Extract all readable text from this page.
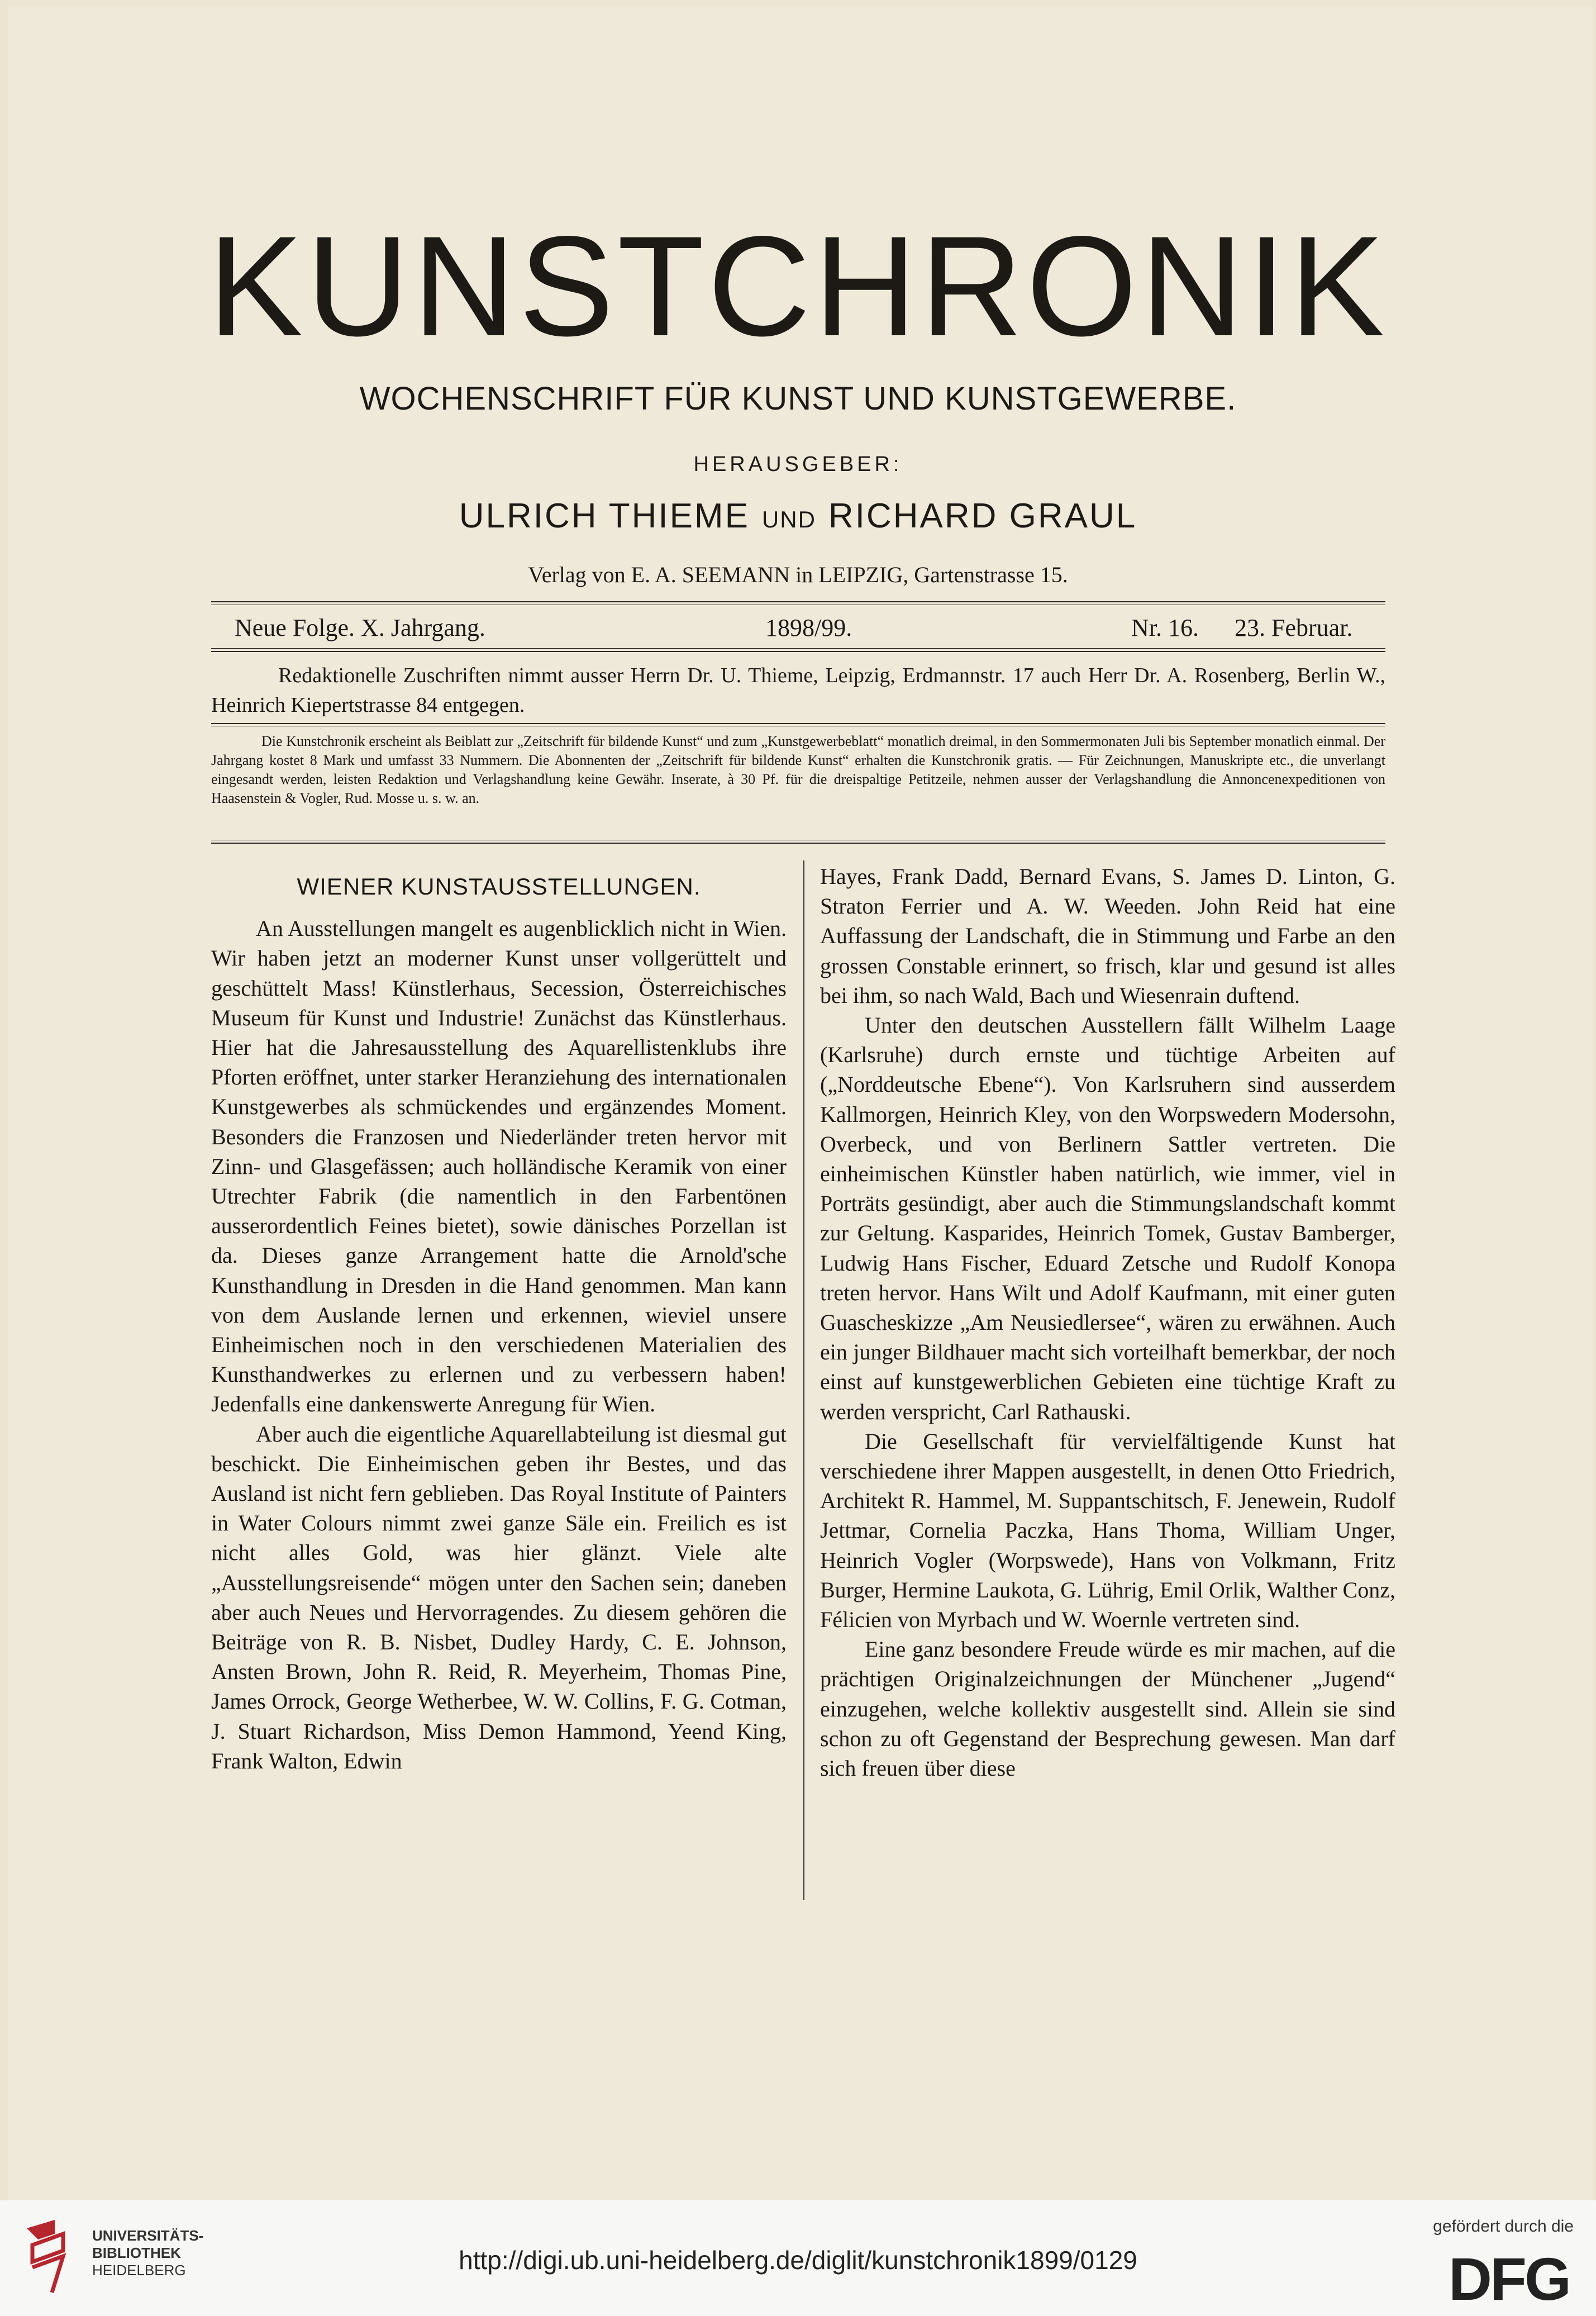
KUNSTCHRONIK
WOCHENSCHRIFT FÜR KUNST UND KUNSTGEWERBE.
HERAUSGEBER:
ULRICH THIEME UND RICHARD GRAUL
Verlag von E. A. SEEMANN in LEIPZIG, Gartenstrasse 15.
Neue Folge. X. Jahrgang.	1898/99.	Nr. 16. 23. Februar.

Redaktionelle Zuschriften nimmt ausser Herrn Dr. U. Thieme, Leipzig, Erdmannstr. 17 auch Herr Dr. A. Rosenberg, Berlin W., Heinrich Kiepertstrasse 84 entgegen.

Die Kunstchronik erscheint als Beiblatt zur „Zeitschrift für bildende Kunst“ und zum „Kunstgewerbeblatt“ monatlich dreimal, in den Sommermonaten Juli bis September monatlich einmal. Der Jahrgang kostet 8 Mark und umfasst 33 Nummern. Die Abonnenten der „Zeitschrift für bildende Kunst“ erhalten die Kunstchronik gratis. — Für Zeichnungen, Manuskripte etc., die unverlangt eingesandt werden, leisten Redaktion und Verlagshandlung keine Gewähr. Inserate, à 30 Pf. für die dreispaltige Petitzeile, nehmen ausser der Verlagshandlung die Annoncenexpeditionen von Haasenstein & Vogler, Rud. Mosse u. s. w. an.

WIENER KUNSTAUSSTELLUNGEN.

An Ausstellungen mangelt es augenblicklich nicht in Wien. Wir haben jetzt an moderner Kunst unser vollgerüttelt und geschüttelt Mass! Künstlerhaus, Secession, Österreichisches Museum für Kunst und Industrie! Zunächst das Künstlerhaus. Hier hat die Jahresausstellung des Aquarellistenklubs ihre Pforten eröffnet, unter starker Heranziehung des internationalen Kunstgewerbes als schmückendes und ergänzendes Moment. Besonders die Franzosen und Niederländer treten hervor mit Zinn- und Glasgefässen; auch holländische Keramik von einer Utrechter Fabrik (die namentlich in den Farbentönen ausserordentlich Feines bietet), sowie dänisches Porzellan ist da. Dieses ganze Arrangement hatte die Arnold'sche Kunsthandlung in Dresden in die Hand genommen. Man kann von dem Auslande lernen und erkennen, wieviel unsere Einheimischen noch in den verschiedenen Materialien des Kunsthandwerkes zu erlernen und zu verbessern haben! Jedenfalls eine dankenswerte Anregung für Wien.

Aber auch die eigentliche Aquarellabteilung ist diesmal gut beschickt. Die Einheimischen geben ihr Bestes, und das Ausland ist nicht fern geblieben. Das Royal Institute of Painters in Water Colours nimmt zwei ganze Säle ein. Freilich es ist nicht alles Gold, was hier glänzt. Viele alte „Ausstellungsreisende“ mögen unter den Sachen sein; daneben aber auch Neues und Hervorragendes. Zu diesem gehören die Beiträge von R. B. Nisbet, Dudley Hardy, C. E. Johnson, Ansten Brown, John R. Reid, R. Meyerheim, Thomas Pine, James Orrock, George Wetherbee, W. W. Collins, F. G. Cotman, J. Stuart Richardson, Miss Demon Hammond, Yeend King, Frank Walton, Edwin

Hayes, Frank Dadd, Bernard Evans, S. James D. Linton, G. Straton Ferrier und A. W. Weeden. John Reid hat eine Auffassung der Landschaft, die in Stimmung und Farbe an den grossen Constable erinnert, so frisch, klar und gesund ist alles bei ihm, so nach Wald, Bach und Wiesenrain duftend.

Unter den deutschen Ausstellern fällt Wilhelm Laage (Karlsruhe) durch ernste und tüchtige Arbeiten auf („Norddeutsche Ebene“). Von Karlsruhern sind ausserdem Kallmorgen, Heinrich Kley, von den Worpswedern Modersohn, Overbeck, und von Berlinern Sattler vertreten. Die einheimischen Künstler haben natürlich, wie immer, viel in Porträts gesündigt, aber auch die Stimmungslandschaft kommt zur Geltung. Kasparides, Heinrich Tomek, Gustav Bamberger, Ludwig Hans Fischer, Eduard Zetsche und Rudolf Konopa treten hervor. Hans Wilt und Adolf Kaufmann, mit einer guten Guascheskizze „Am Neusiedlersee“, wären zu erwähnen. Auch ein junger Bildhauer macht sich vorteilhaft bemerkbar, der noch einst auf kunstgewerblichen Gebieten eine tüchtige Kraft zu werden verspricht, Carl Rathauski.

Die Gesellschaft für vervielfältigende Kunst hat verschiedene ihrer Mappen ausgestellt, in denen Otto Friedrich, Architekt R. Hammel, M. Suppantschitsch, F. Jenewein, Rudolf Jettmar, Cornelia Paczka, Hans Thoma, William Unger, Heinrich Vogler (Worpswede), Hans von Volkmann, Fritz Burger, Hermine Laukota, G. Lührig, Emil Orlik, Walther Conz, Félicien von Myrbach und W. Woernle vertreten sind.

Eine ganz besondere Freude würde es mir machen, auf die prächtigen Originalzeichnungen der Münchener „Jugend“ einzugehen, welche kollektiv ausgestellt sind. Allein sie sind schon zu oft Gegenstand der Besprechung gewesen. Man darf sich freuen über diese

UNIVERSITÄTS-
BIBLIOTHEK
HEIDELBERG	http://digi.ub.uni-heidelberg.de/diglit/kunstchronik1899/0129
gefördert durch die
DFG
